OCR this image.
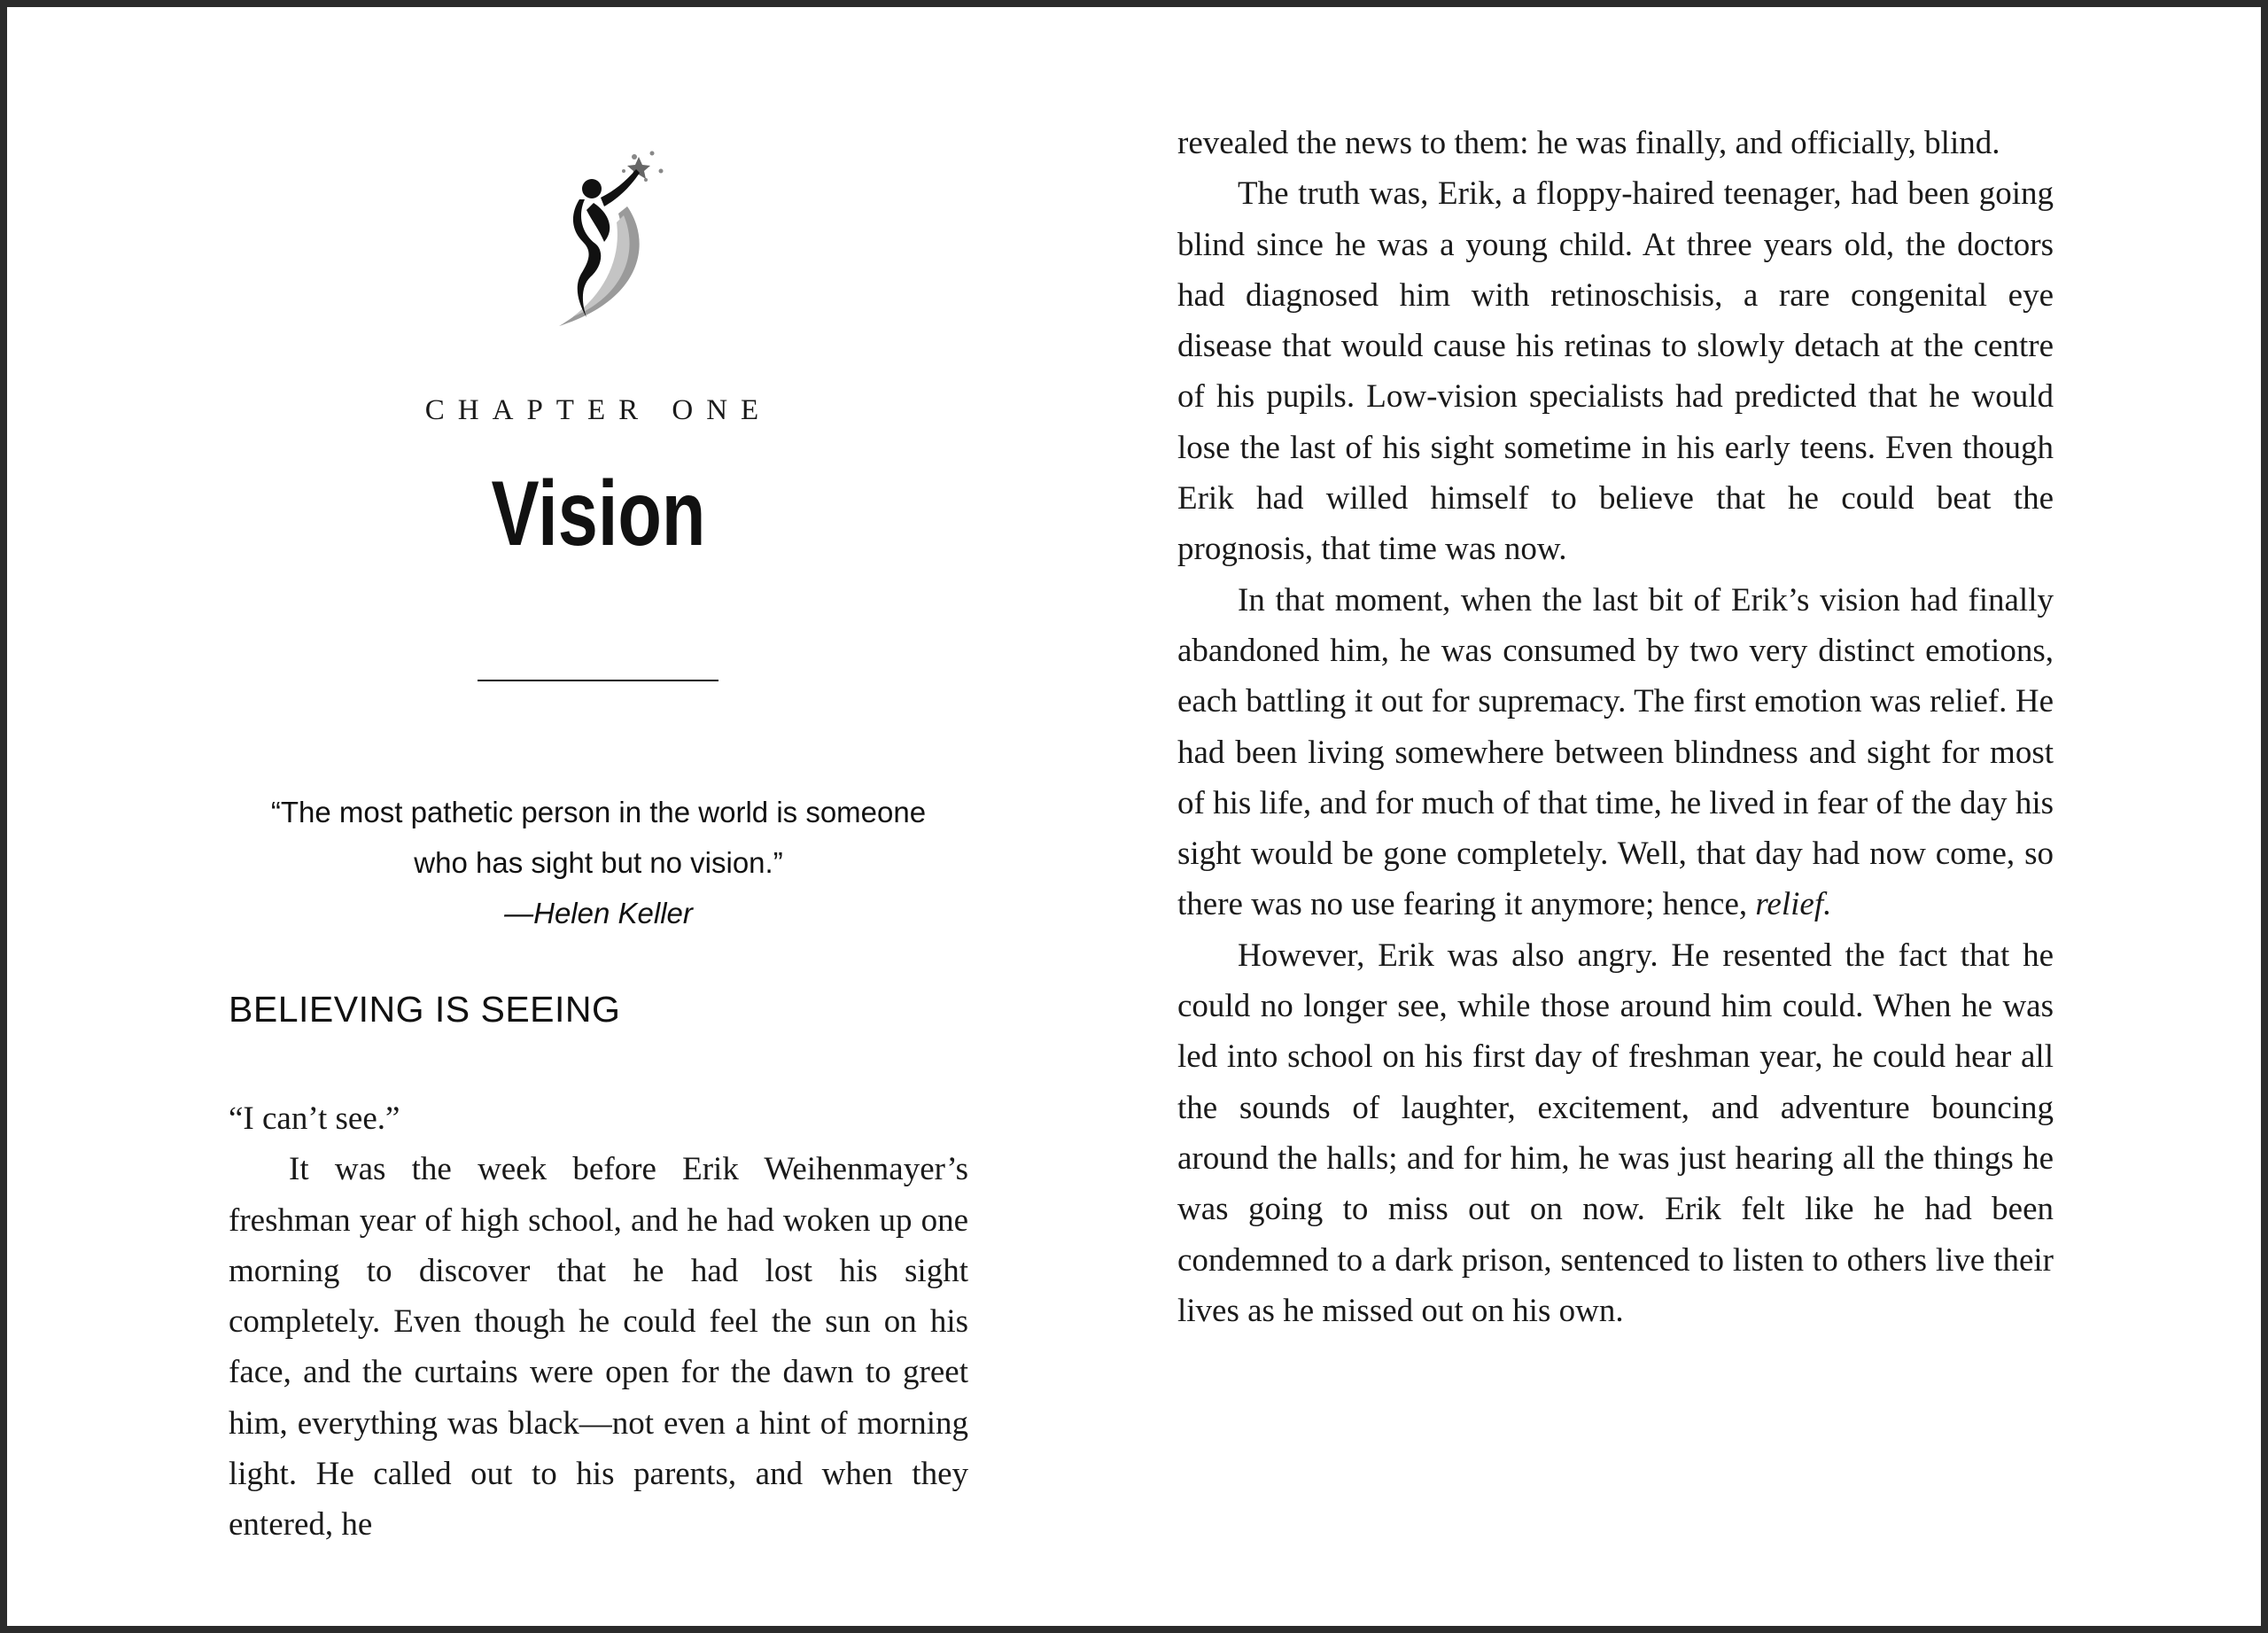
CHAPTER ONE
Vision
“The most pathetic person in the world is someone
who has sight but no vision.”
—Helen Keller
BELIEVING IS SEEING

“I can’t see.”

It was the week before Erik Weihenmayer’s freshman year of high school, and he had woken up one morning to discover that he had lost his sight completely. Even though he could feel the sun on his face, and the curtains were open for the dawn to greet him, everything was black—not even a hint of morning light. He called out to his parents, and when they entered, he

revealed the news to them: he was finally, and officially, blind.

The truth was, Erik, a floppy-haired teenager, had been going blind since he was a young child. At three years old, the doctors had diagnosed him with retinoschisis, a rare congenital eye disease that would cause his retinas to slowly detach at the centre of his pupils. Low-vision specialists had predicted that he would lose the last of his sight sometime in his early teens. Even though Erik had willed himself to believe that he could beat the prognosis, that time was now.

In that moment, when the last bit of Erik’s vision had finally abandoned him, he was consumed by two very distinct emotions, each battling it out for supremacy. The first emotion was relief. He had been living somewhere between blindness and sight for most of his life, and for much of that time, he lived in fear of the day his sight would be gone completely. Well, that day had now come, so there was no use fearing it anymore; hence, relief.

However, Erik was also angry. He resented the fact that he could no longer see, while those around him could. When he was led into school on his first day of freshman year, he could hear all the sounds of laughter, excitement, and adventure bouncing around the halls; and for him, he was just hearing all the things he was going to miss out on now. Erik felt like he had been condemned to a dark prison, sentenced to listen to others live their lives as he missed out on his own.
